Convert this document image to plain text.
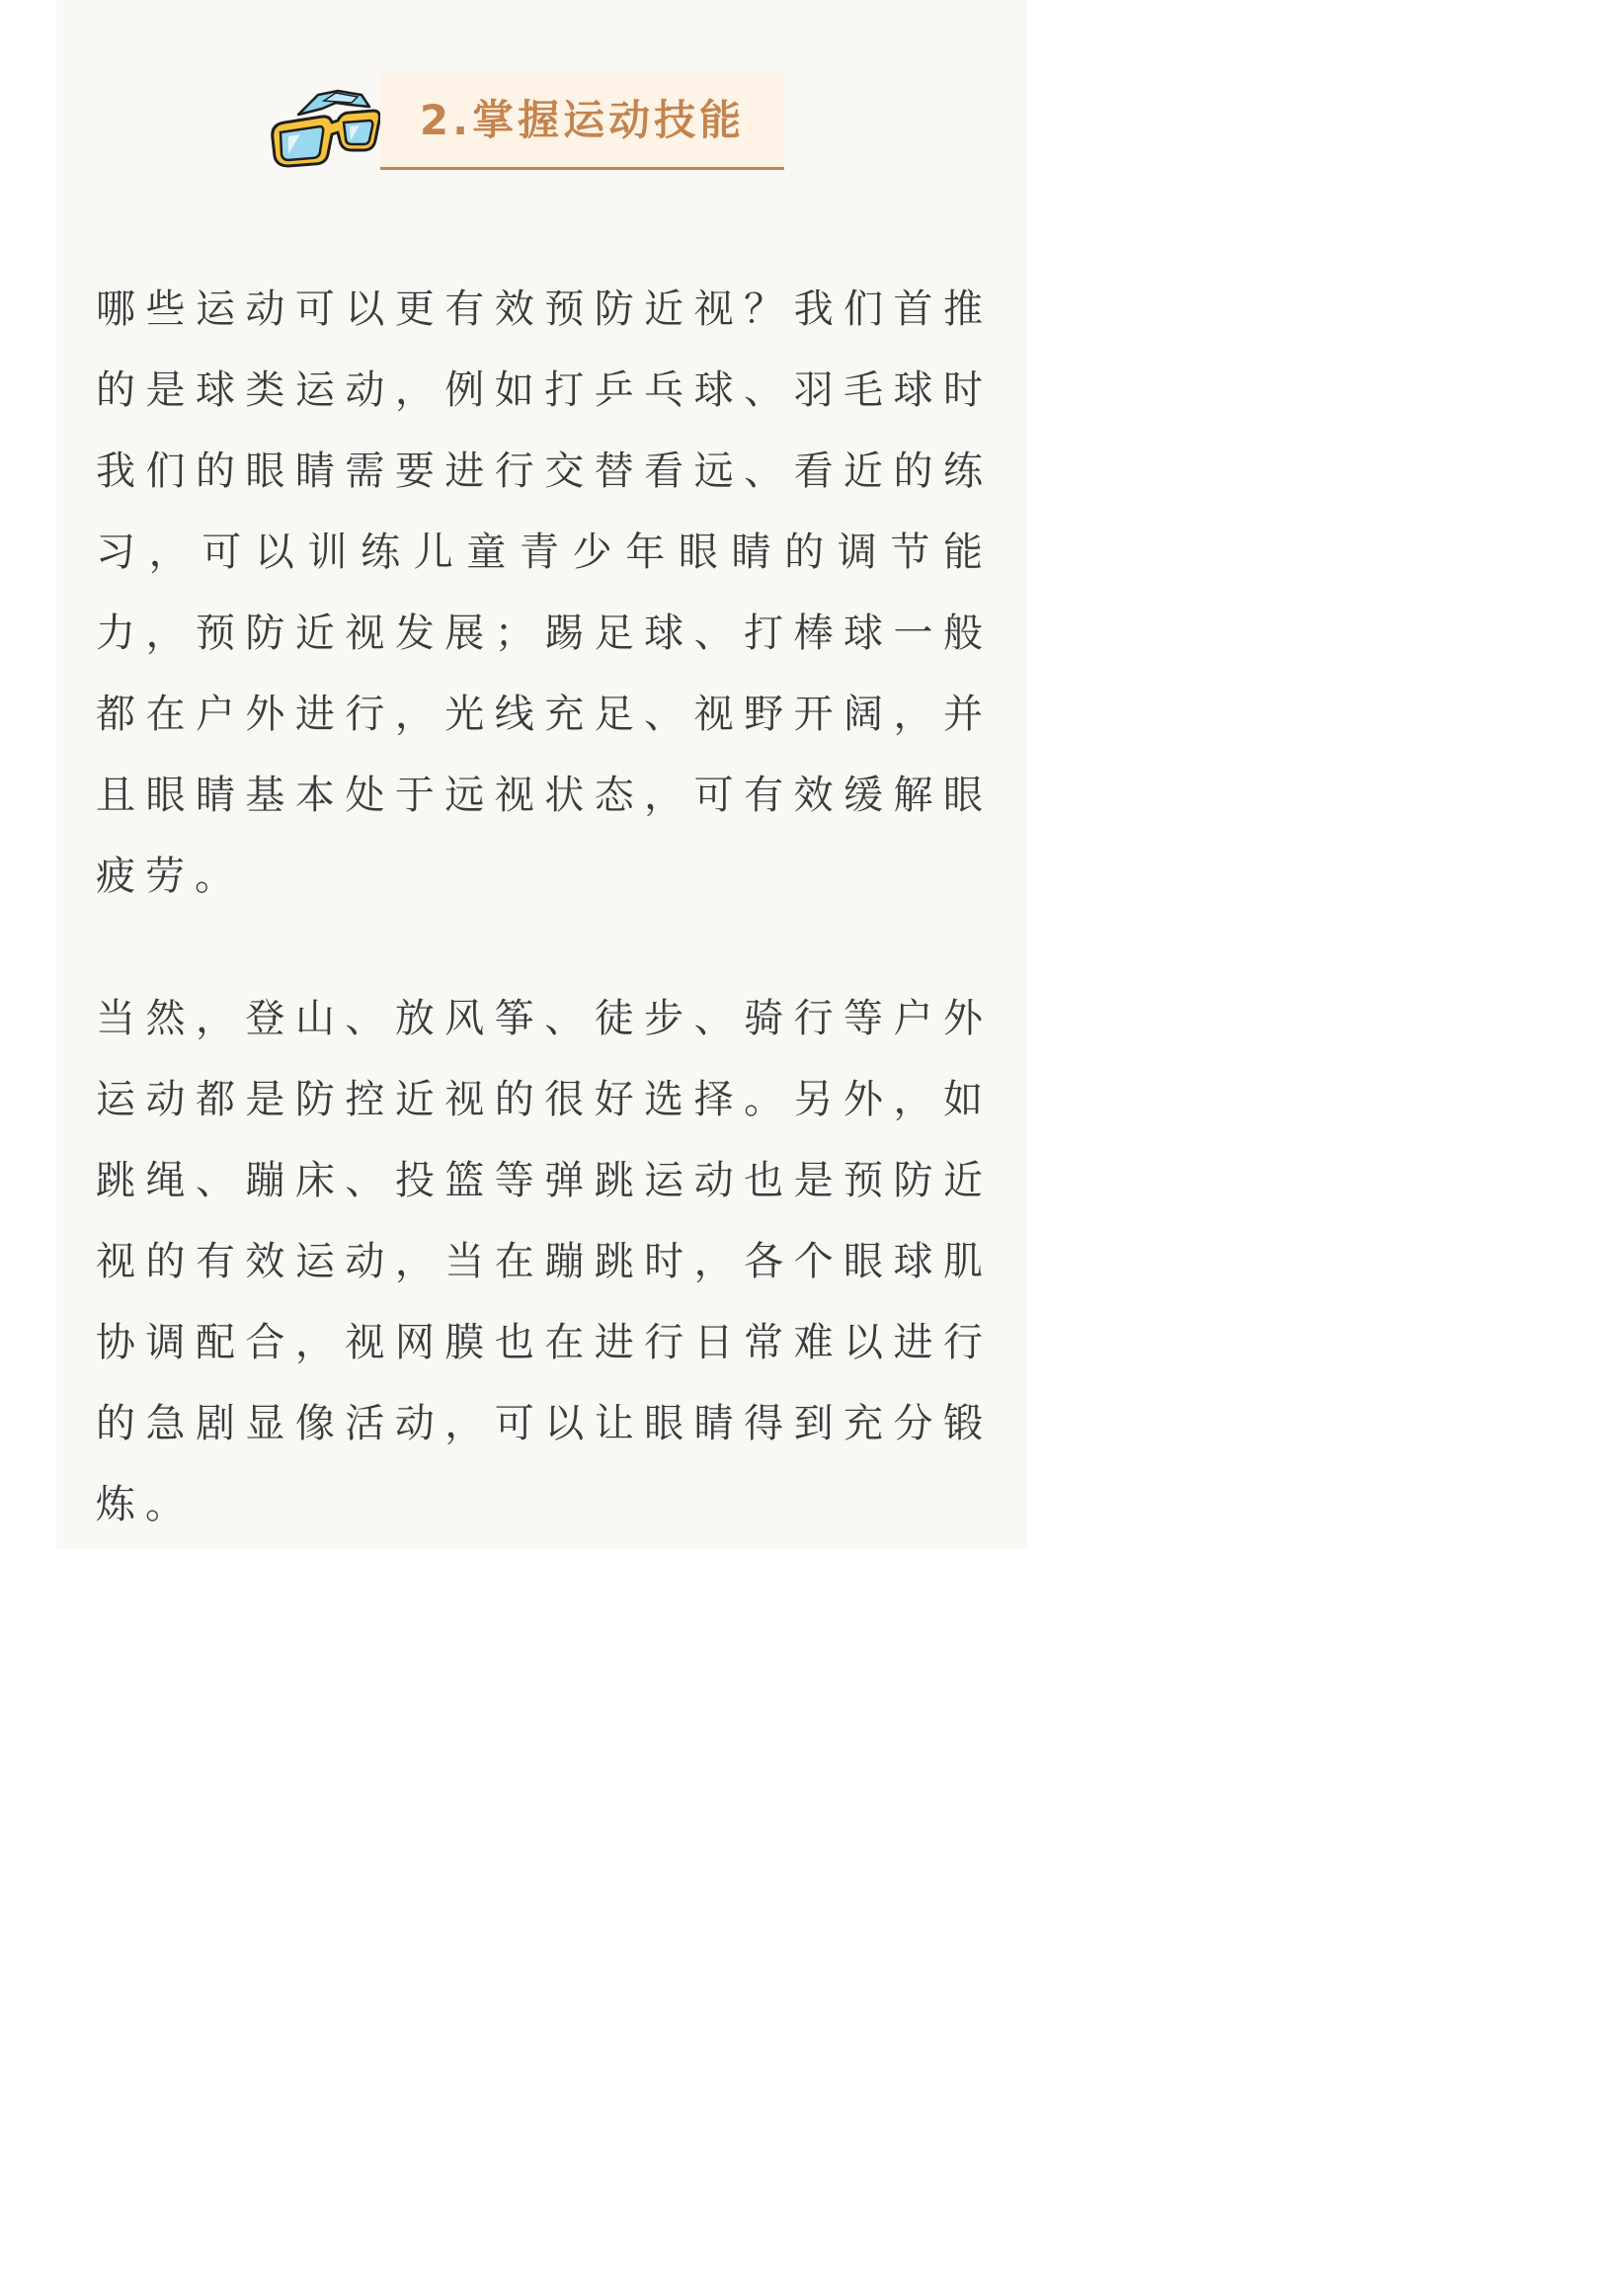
2.掌握运动技能

哪些运动可以更有效预防近视？我们首推
的是球类运动，例如打乒乓球、羽毛球时
我们的眼睛需要进行交替看远、看近的练
习，可以训练儿童青少年眼睛的调节能
力，预防近视发展；踢足球、打棒球一般
都在户外进行，光线充足、视野开阔，并
且眼睛基本处于远视状态，可有效缓解眼
疲劳。

当然，登山、放风筝、徒步、骑行等户外
运动都是防控近视的很好选择。另外，如
跳绳、蹦床、投篮等弹跳运动也是预防近
视的有效运动，当在蹦跳时，各个眼球肌
协调配合，视网膜也在进行日常难以进行
的急剧显像活动，可以让眼睛得到充分锻
炼。
